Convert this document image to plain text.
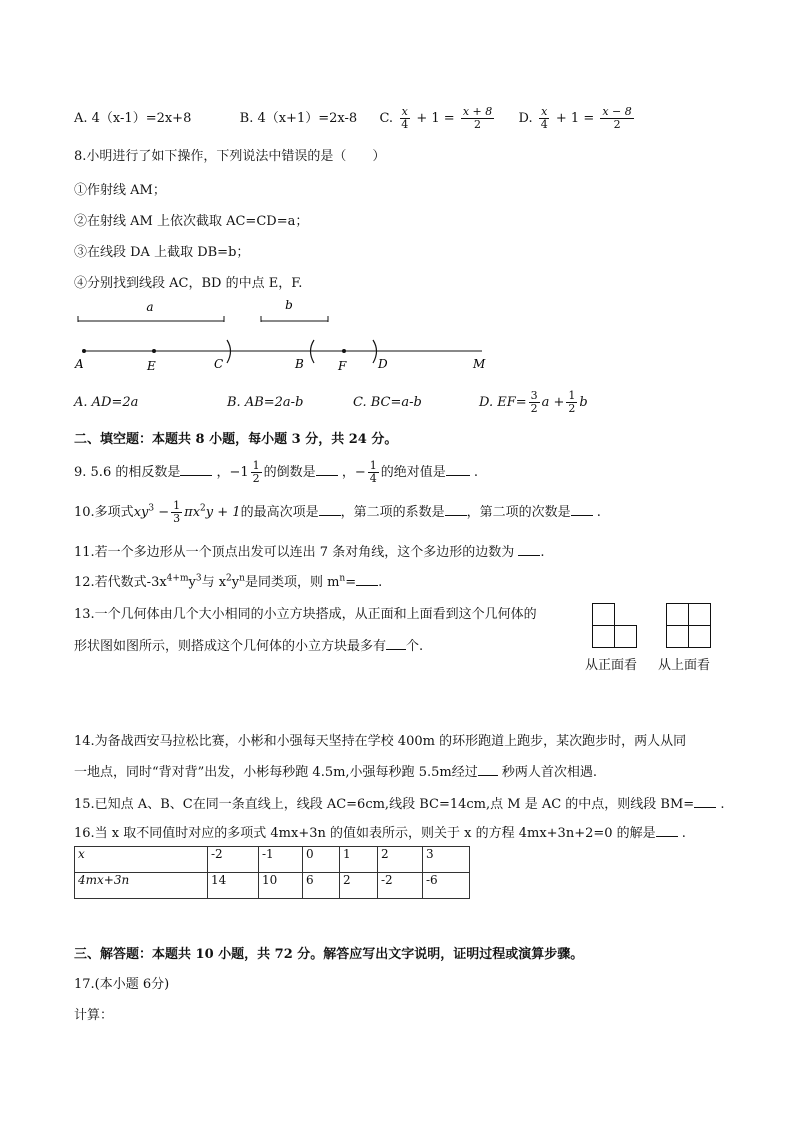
A. 4（x-1）=2x+8	B. 4（x+1）=2x-8 C. $\frac{x}{4} + 1 = \frac{x + 8}{2} D$. $\frac{x}{4} + 1 = \frac{x - 8}{2}$
8.小明进行了如下操作，下列说法中错误的是（　　）
①作射线 AM；
②在射线 AM 上依次截取 AC=CD=a；
③在线段 DA 上截取 DB=b；
④分别找到线段 AC，BD 的中点 E，F.
a	b
A	E	C	B	F	D	M
A. AD=2a	B. AB=2a-b	C. BC=a-b	D. $EF= \frac{3}{2}$ $a + \frac{1}{2}$ b
二、填空题：本题共 8 小题，每小题 3 分，共 24 分。
9. 5.6 的相反数是	，$-1 \frac{1}{2}$ 的倒数是 ，− $\frac{1}{4}$ 的绝对值是 .
10.多项式$xy^3 - \frac{1}{3} \pi x^2y + 1$的最高次项是 ，第二项的系数是 ，第二项的次数是 .
11.若一个多边形从一个顶点出发可以连出 7 条对角线，这个多边形的边数为 .
12.若代数式$-3x^{4+m}y^3$与 $x^2y^n$是同类项，则 $m^n=$ .
13.一个几何体由几个大小相同的小立方块搭成，从正面和上面看到这个几何体的
形状图如图所示，则搭成这个几何体的小立方块最多有 个.
从正面看 从上面看
14.为备战西安马拉松比赛，小彬和小强每天坚持在学校 400m 的环形跑道上跑步，某次跑步时，两人从同
一地点，同时“背对背”出发，小彬每秒跑 4.5m,小强每秒跑 5.5m经过 秒两人首次相遇.
15.已知点 A、B、C在同一条直线上，线段 AC=6cm,线段 BC=14cm,点 M 是 AC 的中点，则线段 BM= .
16.当 x 取不同值时对应的多项式 4mx+3n 的值如表所示，则关于 x 的方程 4mx+3n+2=0 的解是 .
x	-2	-1	0	1	2	3
4mx+3n	14	10	6	2	-2	-6
三、解答题：本题共 10 小题，共 72 分。解答应写出文字说明，证明过程或演算步骤。
17.(本小题 6分)
计算：
